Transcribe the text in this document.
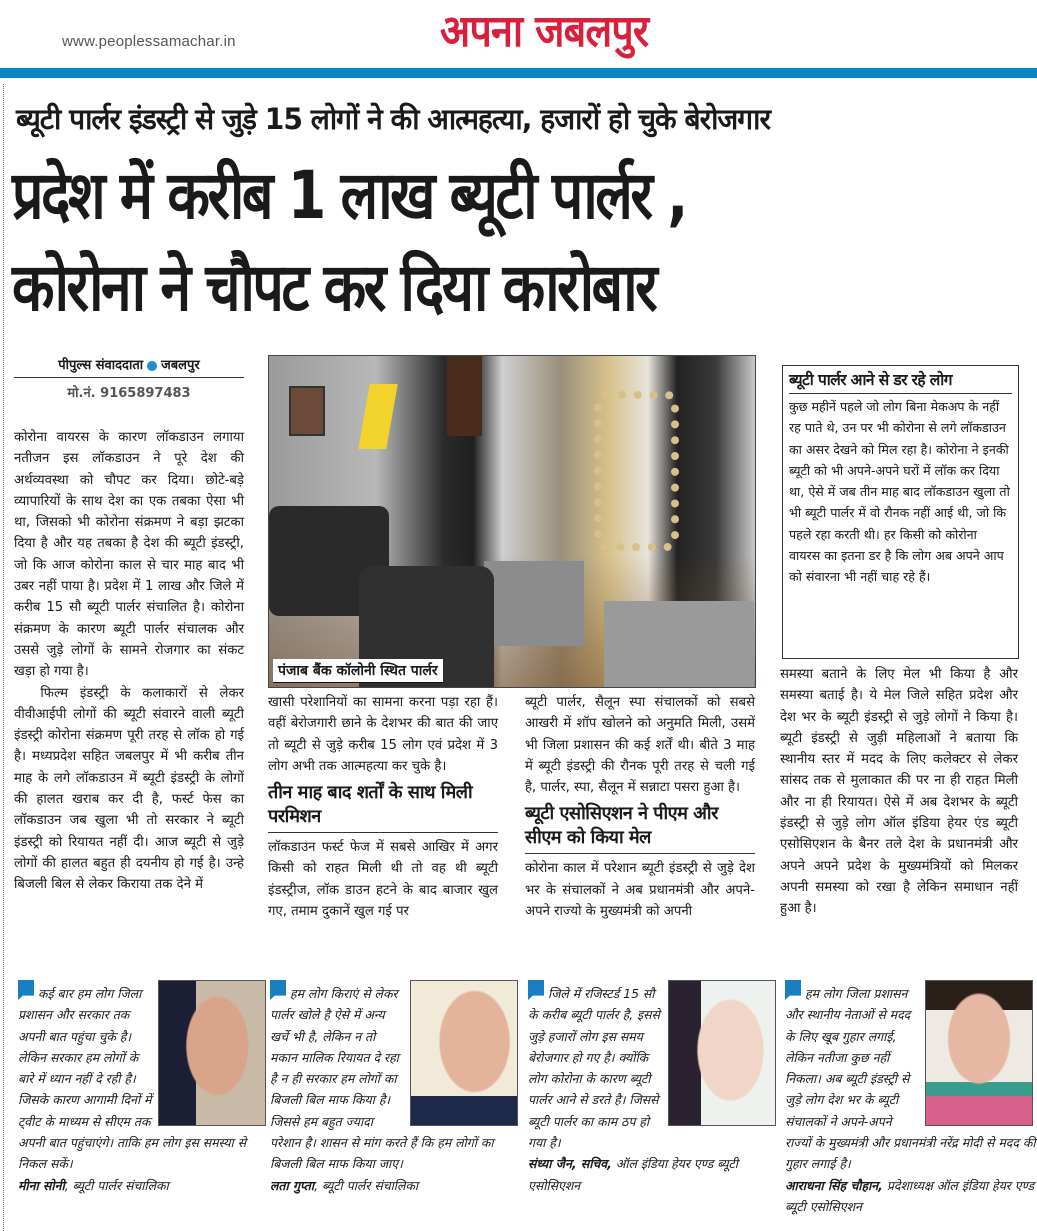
www.peoplessamachar.in	अपना जबलपुर
ब्यूटी पार्लर इंडस्ट्री से जुड़े 15 लोगों ने की आत्महत्या, हजारों हो चुके बेरोजगार
प्रदेश में करीब 1 लाख ब्यूटी पार्लर ,
कोरोना ने चौपट कर दिया कारोबार
पीपुल्स संवाददाता जबलपुर
मो.नं. 9165897483

कोरोना वायरस के कारण लॉकडाउन लगाया नतीजन इस लॉकडाउन ने पूरे देश की अर्थव्यवस्था को चौपट कर दिया। छोटे-बड़े व्यापारियों के साथ देश का एक तबका ऐसा भी था, जिसको भी कोरोना संक्रमण ने बड़ा झटका दिया है और यह तबका है देश की ब्यूटी इंडस्ट्री, जो कि आज कोरोना काल से चार माह बाद भी उबर नहीं पाया है। प्रदेश में 1 लाख और जिले में करीब 15 सौ ब्यूटी पार्लर संचालित है। कोरोना संक्रमण के कारण ब्यूटी पार्लर संचालक और उससे जुड़े लोगों के सामने रोजगार का संकट खड़ा हो गया है।

फिल्म इंडस्ट्री के कलाकारों से लेकर वीवीआईपी लोगों की ब्यूटी संवारने वाली ब्यूटी इंडस्ट्री कोरोना संक्रमण पूरी तरह से लॉक हो गई है। मध्यप्रदेश सहित जबलपुर में भी करीब तीन माह के लगे लॉकडाउन में ब्यूटी इंडस्ट्री के लोगों की हालत खराब कर दी है, फर्स्ट फेस का लॉकडाउन जब खुला भी तो सरकार ने ब्यूटी इंडस्ट्री को रियायत नहीं दी। आज ब्यूटी से जुड़े लोगों की हालत बहुत ही दयनीय हो गई है। उन्हे बिजली बिल से लेकर किराया तक देने में

पंजाब बैंक कॉलोनी स्थित पार्लर

खासी परेशानियों का सामना करना पड़ा रहा हैं। वहीं बेरोजगारी छाने के देशभर की बात की जाए तो ब्यूटी से जुड़े करीब 15 लोग एवं प्रदेश में 3 लोग अभी तक आत्महत्या कर चुके है।

तीन माह बाद शर्तों के साथ मिली परमिशन

लॉकडाउन फर्स्ट फेज में सबसे आखिर में अगर किसी को राहत मिली थी तो वह थी ब्यूटी इंडस्ट्रीज, लॉक डाउन हटने के बाद बाजार खुल गए, तमाम दुकानें खुल गई पर

ब्यूटी पार्लर, सैलून स्पा संचालकों को सबसे आखरी में शॉप खोलने को अनुमति मिली, उसमें भी जिला प्रशासन की कई शर्तें थी। बीते 3 माह में ब्यूटी इंडस्ट्री की रौनक पूरी तरह से चली गई है, पार्लर, स्पा, सैलून में सन्नाटा पसरा हुआ है।

ब्यूटी एसोसिएशन ने पीएम और सीएम को किया मेल

कोरोना काल में परेशान ब्यूटी इंडस्ट्री से जुड़े देश भर के संचालकों ने अब प्रधानमंत्री और अपने-अपने राज्यो के मुख्यमंत्री को अपनी

ब्यूटी पार्लर आने से डर रहे लोग

कुछ महीनें पहले जो लोग बिना मेकअप के नहीं रह पाते थे, उन पर भी कोरोना से लगे लॉकडाउन का असर देखने को मिल रहा है। कोरोना ने इनकी ब्यूटी को भी अपने-अपने घरों में लॉक कर दिया था, ऐसे में जब तीन माह बाद लॉकडाउन खुला तो भी ब्यूटी पार्लर में वो रौनक नहीं आई थी, जो कि पहले रहा करती थी। हर किसी को कोरोना वायरस का इतना डर है कि लोग अब अपने आप को संवारना भी नहीं चाह रहे हैं।

समस्या बताने के लिए मेल भी किया है और समस्या बताई है। ये मेल जिले सहित प्रदेश और देश भर के ब्यूटी इंडस्ट्री से जुड़े लोगों ने किया है। ब्यूटी इंडस्ट्री से जुड़ी महिलाओं ने बताया कि स्थानीय स्तर में मदद के लिए कलेक्टर से लेकर सांसद तक से मुलाकात की पर ना ही राहत मिली और ना ही रियायत। ऐसे में अब देशभर के ब्यूटी इंडस्ट्री से जुड़े लोग ऑल इंडिया हेयर एंड ब्यूटी एसोसिएशन के बैनर तले देश के प्रधानमंत्री और अपने अपने प्रदेश के मुख्यमंत्रियों को मिलकर अपनी समस्या को रखा है लेकिन समाधान नहीं हुआ है।

कई बार हम लोग जिला प्रशासन और सरकार तक अपनी बात पहुंचा चुके है। लेकिन सरकार हम लोगों के बारे में ध्यान नहीं दे रही है। जिसके कारण आगामी दिनों में ट्वीट के माध्यम से सीएम तक अपनी बात पहुंचाएंगे। ताकि हम लोग इस समस्या से निकल सकें।
मीना सोनी, ब्यूटी पार्लर संचालिका
हम लोग किराएं से लेकर पार्लर खोले है ऐसे में अन्य खर्चे भी है, लेकिन न तो मकान मालिक रियायत दे रहा है न ही सरकार हम लोगों का बिजली बिल माफ किया है। जिससे हम बहुत ज्यादा परेशान है। शासन से मांग करते हैं कि हम लोगों का बिजली बिल माफ किया जाए।
लता गुप्ता, ब्यूटी पार्लर संचालिका
जिले में रजिस्टर्ड 15 सौ के करीब ब्यूटी पार्लर है, इससे जुड़े हजारों लोग इस समय बेरोजगार हो गए है। क्योंकि लोग कोरोना के कारण ब्यूटी पार्लर आने से डरते है। जिससे ब्यूटी पार्लर का काम ठप हो गया है।
संध्या जैन, सचिव, ऑल इंडिया हेयर एण्ड ब्यूटी एसोसिएशन
हम लोग जिला प्रशासन और स्थानीय नेताओं से मदद के लिए खूब गुहार लगाई, लेकिन नतीजा कुछ नहीं निकला। अब ब्यूटी इंडस्ट्री से जुड़े लोग देश भर के ब्यूटी संचालकों ने अपने-अपने राज्यों के मुख्यमंत्री और प्रधानमंत्री नरेंद्र मोदी से मदद की गुहार लगाई है।
आराधना सिंह चौहान, प्रदेशाध्यक्ष ऑल इंडिया हेयर एण्ड ब्यूटी एसोसिएशन
